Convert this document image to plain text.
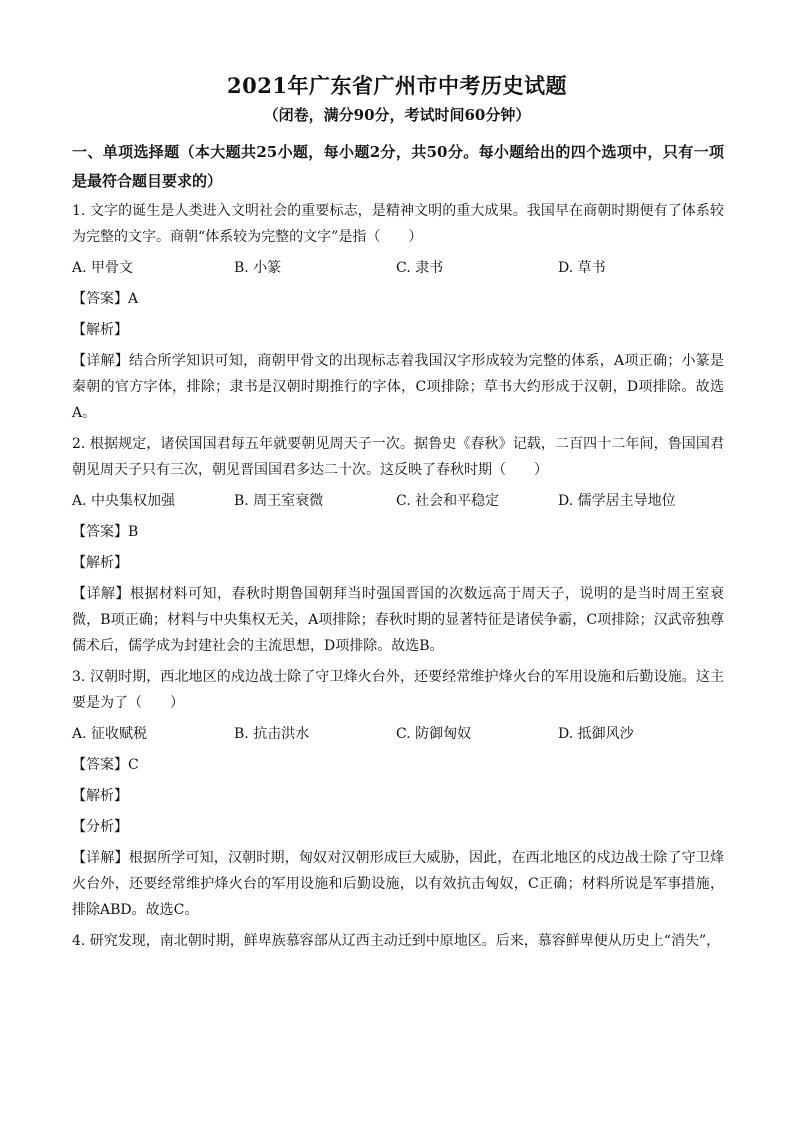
2021年广东省广州市中考历史试题

（闭卷，满分90分，考试时间60分钟）

一、单项选择题（本大题共25小题，每小题2分，共50分。每小题给出的四个选项中，只有一项是最符合题目要求的）

1. 文字的诞生是人类进入文明社会的重要标志，是精神文明的重大成果。我国早在商朝时期便有了体系较为完整的文字。商朝“体系较为完整的文字”是指（　　）

A. 甲骨文	B. 小篆	C. 隶书	D. 草书

【答案】A

【解析】

【详解】结合所学知识可知，商朝甲骨文的出现标志着我国汉字形成较为完整的体系，A项正确；小篆是秦朝的官方字体，排除；隶书是汉朝时期推行的字体，C项排除；草书大约形成于汉朝，D项排除。故选A。

2. 根据规定，诸侯国国君每五年就要朝见周天子一次。据鲁史《春秋》记载，二百四十二年间，鲁国国君朝见周天子只有三次，朝见晋国国君多达二十次。这反映了春秋时期（　　）

A. 中央集权加强	B. 周王室衰微	C. 社会和平稳定	D. 儒学居主导地位

【答案】B

【解析】

【详解】根据材料可知，春秋时期鲁国朝拜当时强国晋国的次数远高于周天子，说明的是当时周王室衰微，B项正确；材料与中央集权无关，A项排除；春秋时期的显著特征是诸侯争霸，C项排除；汉武帝独尊儒术后，儒学成为封建社会的主流思想，D项排除。故选B。

3. 汉朝时期，西北地区的戍边战士除了守卫烽火台外，还要经常维护烽火台的军用设施和后勤设施。这主要是为了（　　）

A. 征收赋税	B. 抗击洪水	C. 防御匈奴	D. 抵御风沙

【答案】C

【解析】

【分析】

【详解】根据所学可知，汉朝时期，匈奴对汉朝形成巨大威胁，因此，在西北地区的戍边战士除了守卫烽火台外，还要经常维护烽火台的军用设施和后勤设施，以有效抗击匈奴，C正确；材料所说是军事措施，排除ABD。故选C。

4. 研究发现，南北朝时期，鲜卑族慕容部从辽西主动迁到中原地区。后来，慕容鲜卑便从历史上“消失”，
